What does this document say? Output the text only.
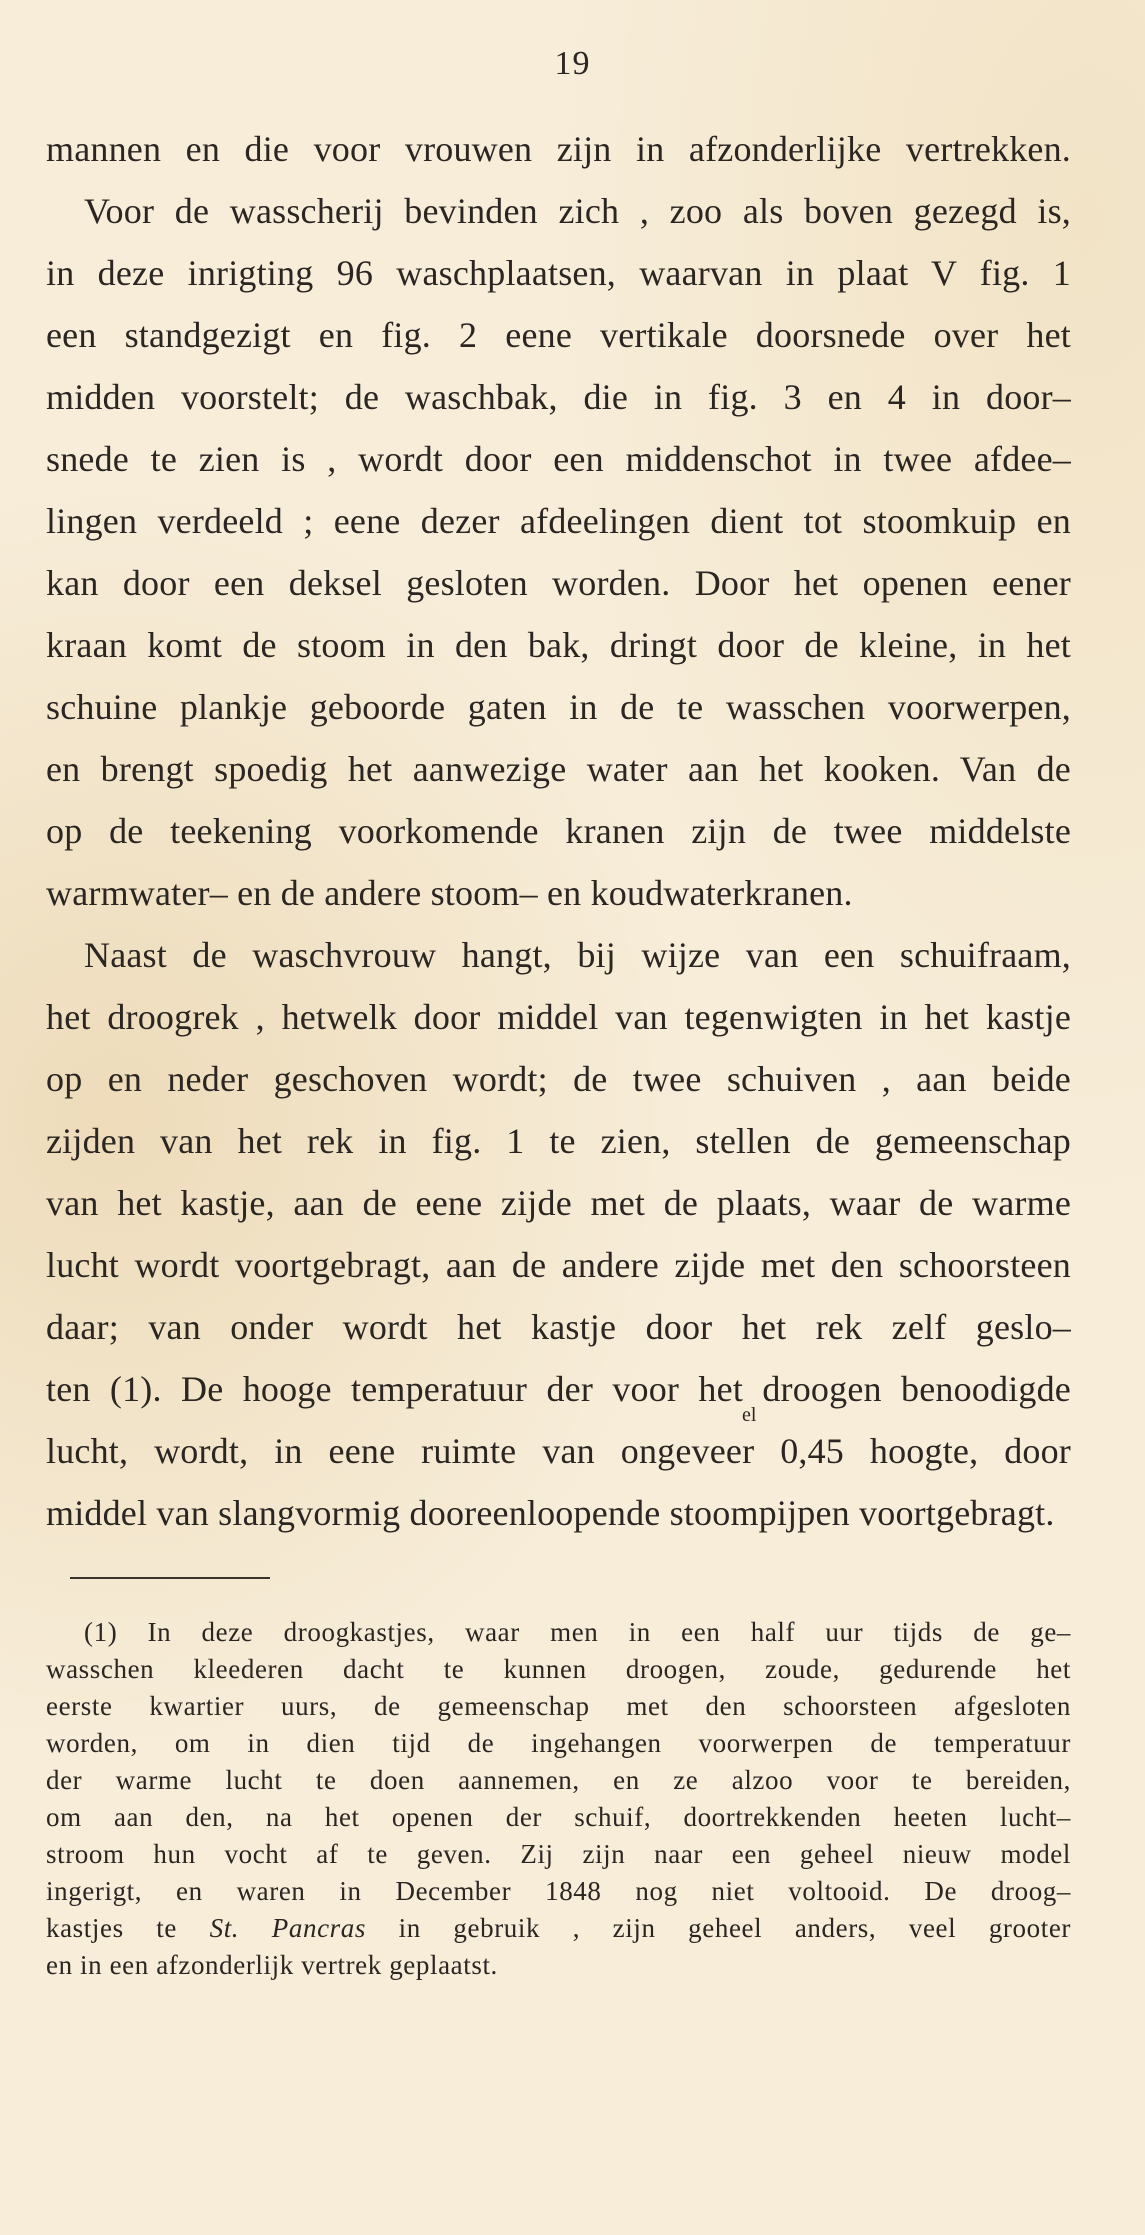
19
mannen en die voor vrouwen zijn in afzonderlijke vertrekken.
Voor de wasscherij bevinden zich , zoo als boven gezegd is,
in deze inrigting 96 waschplaatsen, waarvan in plaat V fig. 1
een standgezigt en fig. 2 eene vertikale doorsnede over het
midden voorstelt; de waschbak, die in fig. 3 en 4 in door–
snede te zien is , wordt door een middenschot in twee afdee–
lingen verdeeld ; eene dezer afdeelingen dient tot stoomkuip en
kan door een deksel gesloten worden. Door het openen eener
kraan komt de stoom in den bak, dringt door de kleine, in het
schuine plankje geboorde gaten in de te wasschen voorwerpen,
en brengt spoedig het aanwezige water aan het kooken. Van de
op de teekening voorkomende kranen zijn de twee middelste
warmwater– en de andere stoom– en koudwaterkranen.
Naast de waschvrouw hangt, bij wijze van een schuifraam,
het droogrek , hetwelk door middel van tegenwigten in het kastje
op en neder geschoven wordt; de twee schuiven , aan beide
zijden van het rek in fig. 1 te zien, stellen de gemeenschap
van het kastje, aan de eene zijde met de plaats, waar de warme
lucht wordt voortgebragt, aan de andere zijde met den schoorsteen
daar; van onder wordt het kastje door het rek zelf geslo–
ten (1). De hooge temperatuur der voor het droogen benoodigde
lucht, wordt, in eene ruimte van ongeveer 0,45 hoogte, door
middel van slangvormig dooreenloopende stoompijpen voortgebragt.
el
(1) In deze droogkastjes, waar men in een half uur tijds de ge–
wasschen kleederen dacht te kunnen droogen, zoude, gedurende het
eerste kwartier uurs, de gemeenschap met den schoorsteen afgesloten
worden, om in dien tijd de ingehangen voorwerpen de temperatuur
der warme lucht te doen aannemen, en ze alzoo voor te bereiden,
om aan den, na het openen der schuif, doortrekkenden heeten lucht–
stroom hun vocht af te geven. Zij zijn naar een geheel nieuw model
ingerigt, en waren in December 1848 nog niet voltooid. De droog–
kastjes te St. Pancras in gebruik , zijn geheel anders, veel grooter
en in een afzonderlijk vertrek geplaatst.
